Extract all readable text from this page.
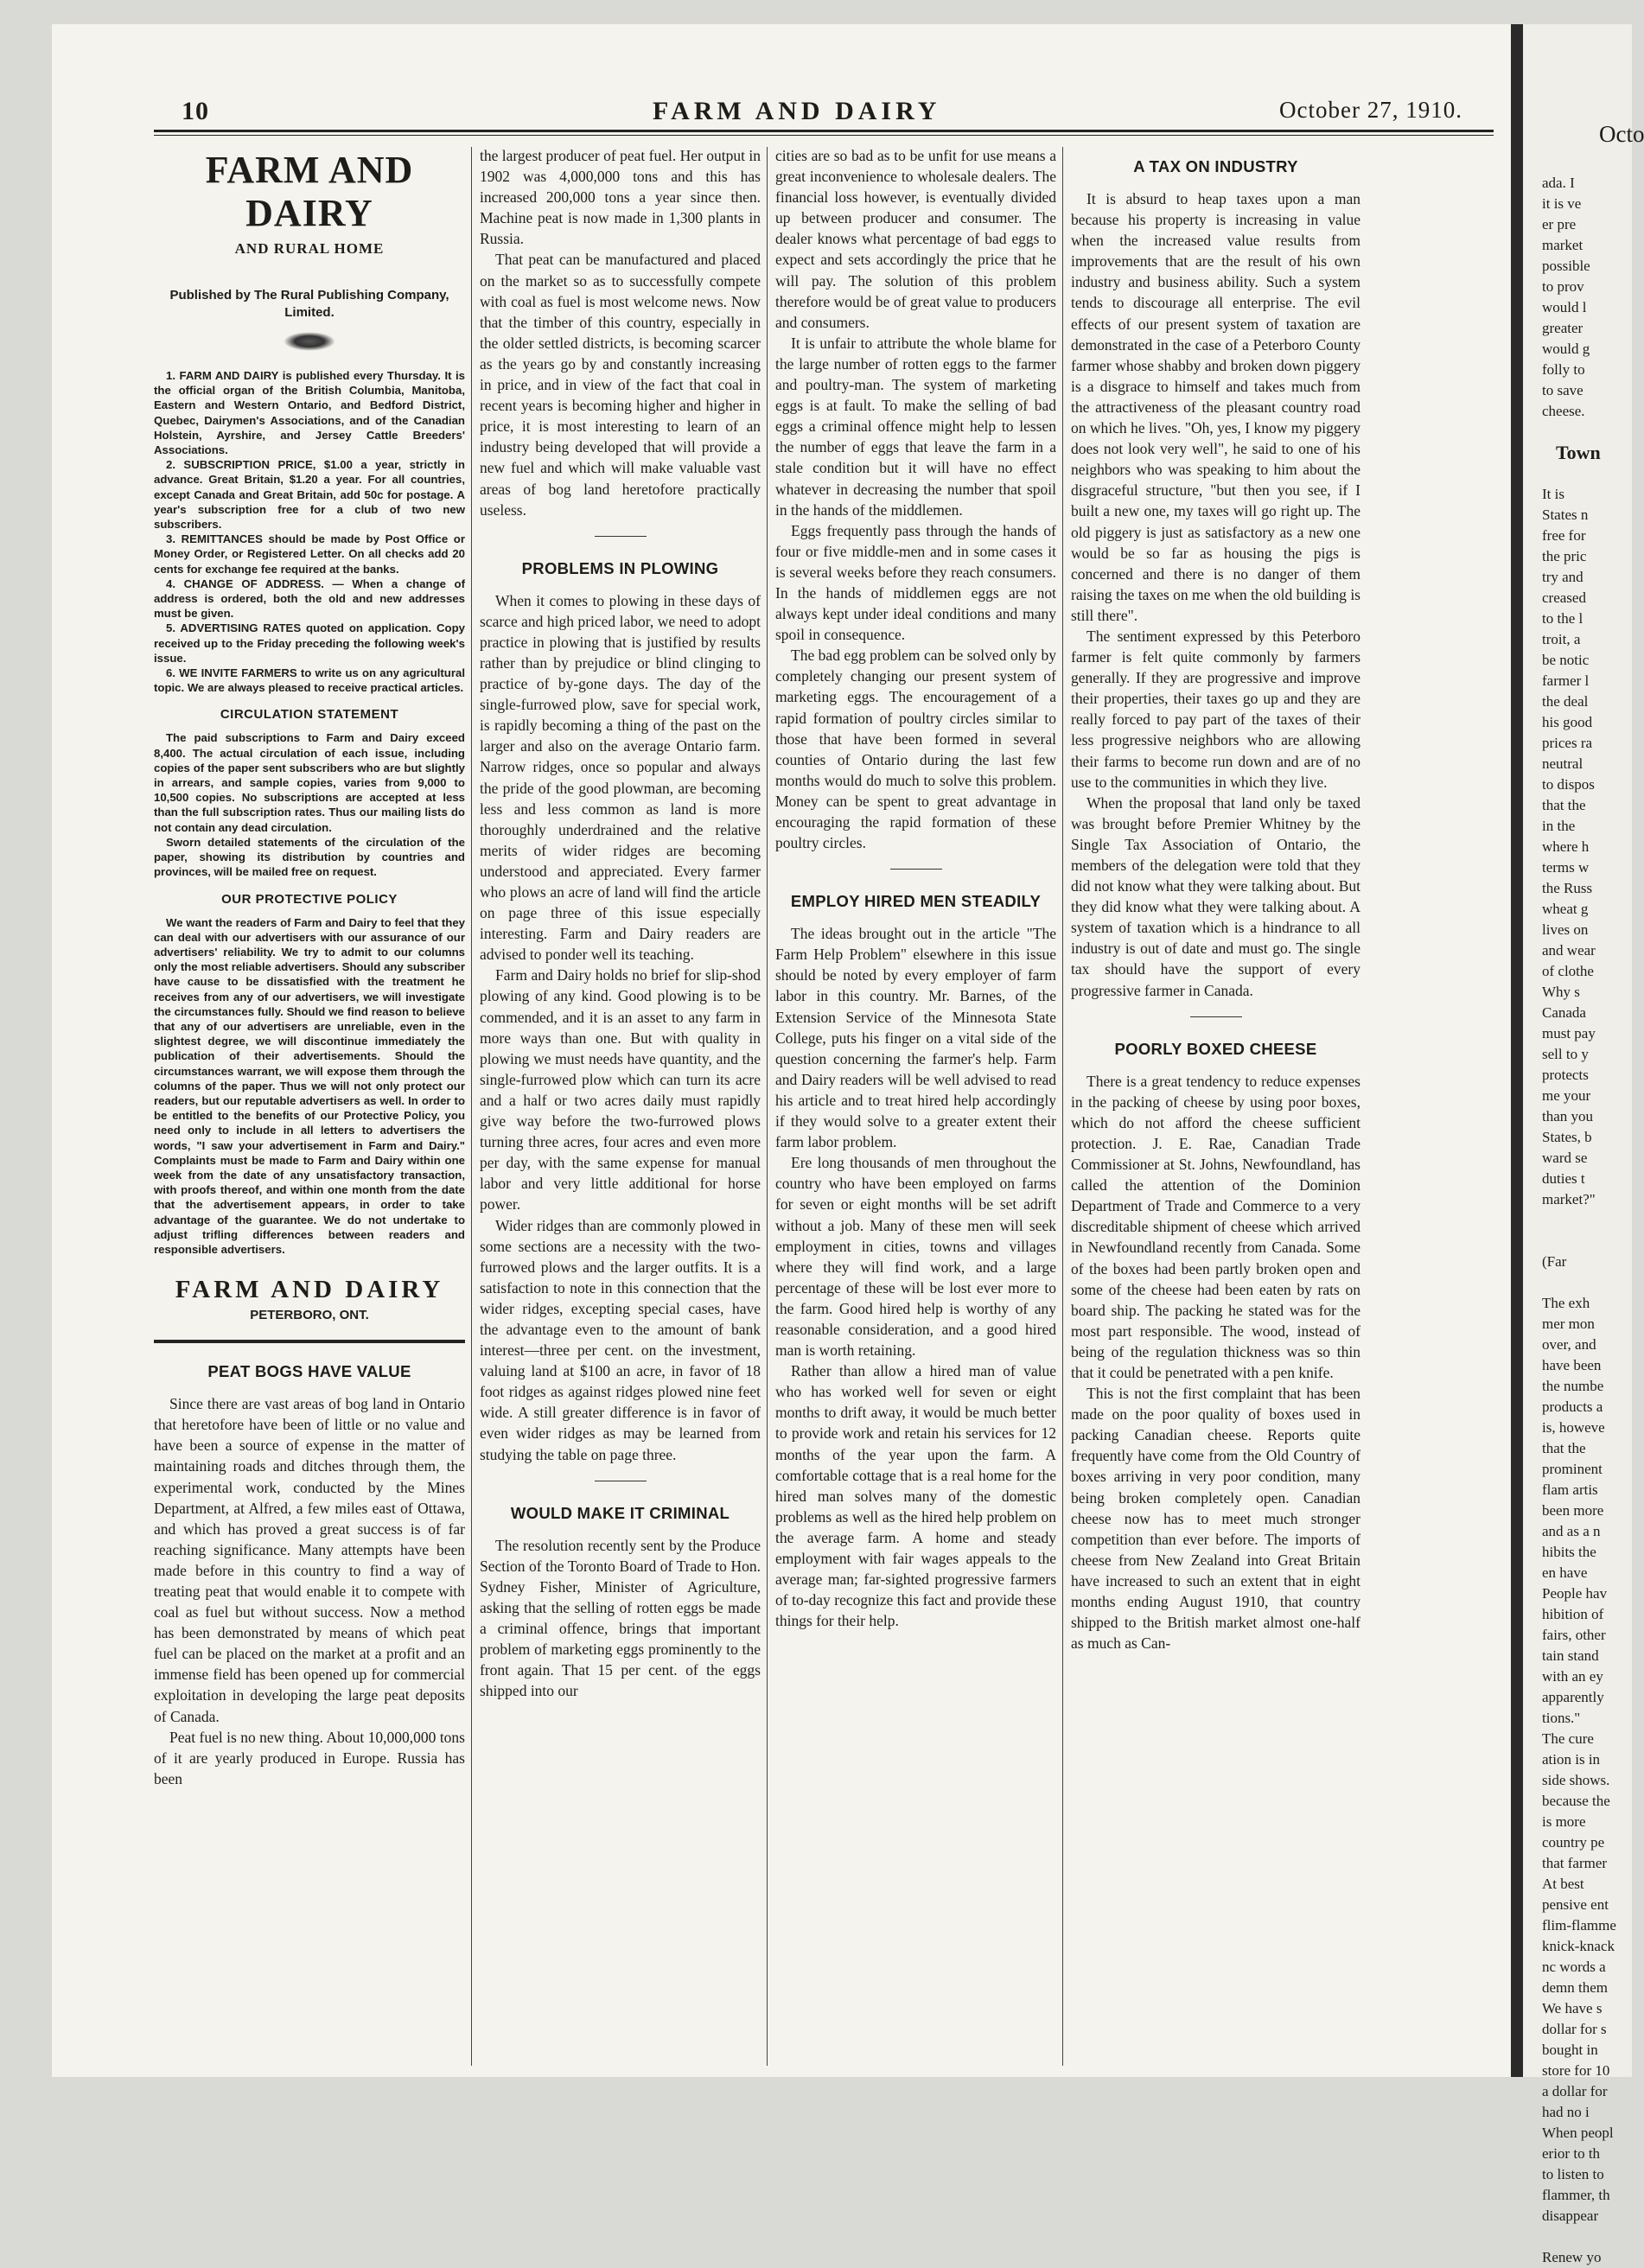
10	FARM AND DAIRY	October 27, 1910.
FARM AND DAIRY
AND RURAL HOME
Published by The Rural Publishing Company, Limited.

1. FARM AND DAIRY is published every Thursday. It is the official organ of the British Columbia, Manitoba, Eastern and Western Ontario, and Bedford District, Quebec, Dairymen's Associations, and of the Canadian Holstein, Ayrshire, and Jersey Cattle Breeders' Associations.

2. SUBSCRIPTION PRICE, $1.00 a year, strictly in advance. Great Britain, $1.20 a year. For all countries, except Canada and Great Britain, add 50c for postage. A year's subscription free for a club of two new subscribers.

3. REMITTANCES should be made by Post Office or Money Order, or Registered Letter. On all checks add 20 cents for exchange fee required at the banks.

4. CHANGE OF ADDRESS. — When a change of address is ordered, both the old and new addresses must be given.

5. ADVERTISING RATES quoted on application. Copy received up to the Friday preceding the following week's issue.

6. WE INVITE FARMERS to write us on any agricultural topic. We are always pleased to receive practical articles.

CIRCULATION STATEMENT

The paid subscriptions to Farm and Dairy exceed 8,400. The actual circulation of each issue, including copies of the paper sent subscribers who are but slightly in arrears, and sample copies, varies from 9,000 to 10,500 copies. No subscriptions are accepted at less than the full subscription rates. Thus our mailing lists do not contain any dead circulation.

Sworn detailed statements of the circulation of the paper, showing its distribution by countries and provinces, will be mailed free on request.

OUR PROTECTIVE POLICY

We want the readers of Farm and Dairy to feel that they can deal with our advertisers with our assurance of our advertisers' reliability. We try to admit to our columns only the most reliable advertisers. Should any subscriber have cause to be dissatisfied with the treatment he receives from any of our advertisers, we will investigate the circumstances fully. Should we find reason to believe that any of our advertisers are unreliable, even in the slightest degree, we will discontinue immediately the publication of their advertisements. Should the circumstances warrant, we will expose them through the columns of the paper. Thus we will not only protect our readers, but our reputable advertisers as well. In order to be entitled to the benefits of our Protective Policy, you need only to include in all letters to advertisers the words, "I saw your advertisement in Farm and Dairy." Complaints must be made to Farm and Dairy within one week from the date of any unsatisfactory transaction, with proofs thereof, and within one month from the date that the advertisement appears, in order to take advantage of the guarantee. We do not undertake to adjust trifling differences between readers and responsible advertisers.

FARM AND DAIRY
PETERBORO, ONT.
PEAT BOGS HAVE VALUE

Since there are vast areas of bog land in Ontario that heretofore have been of little or no value and have been a source of expense in the matter of maintaining roads and ditches through them, the experimental work, conducted by the Mines Department, at Alfred, a few miles east of Ottawa, and which has proved a great success is of far reaching significance. Many attempts have been made before in this country to find a way of treating peat that would enable it to compete with coal as fuel but without success. Now a method has been demonstrated by means of which peat fuel can be placed on the market at a profit and an immense field has been opened up for commercial exploitation in developing the large peat deposits of Canada.

Peat fuel is no new thing. About 10,000,000 tons of it are yearly produced in Europe. Russia has been

the largest producer of peat fuel. Her output in 1902 was 4,000,000 tons and this has increased 200,000 tons a year since then. Machine peat is now made in 1,300 plants in Russia.

That peat can be manufactured and placed on the market so as to successfully compete with coal as fuel is most welcome news. Now that the timber of this country, especially in the older settled districts, is becoming scarcer as the years go by and constantly increasing in price, and in view of the fact that coal in recent years is becoming higher and higher in price, it is most interesting to learn of an industry being developed that will provide a new fuel and which will make valuable vast areas of bog land heretofore practically useless.

PROBLEMS IN PLOWING

When it comes to plowing in these days of scarce and high priced labor, we need to adopt practice in plowing that is justified by results rather than by prejudice or blind clinging to practice of by-gone days. The day of the single-furrowed plow, save for special work, is rapidly becoming a thing of the past on the larger and also on the average Ontario farm. Narrow ridges, once so popular and always the pride of the good plowman, are becoming less and less common as land is more thoroughly underdrained and the relative merits of wider ridges are becoming understood and appreciated. Every farmer who plows an acre of land will find the article on page three of this issue especially interesting. Farm and Dairy readers are advised to ponder well its teaching.

Farm and Dairy holds no brief for slip-shod plowing of any kind. Good plowing is to be commended, and it is an asset to any farm in more ways than one. But with quality in plowing we must needs have quantity, and the single-furrowed plow which can turn its acre and a half or two acres daily must rapidly give way before the two-furrowed plows turning three acres, four acres and even more per day, with the same expense for manual labor and very little additional for horse power.

Wider ridges than are commonly plowed in some sections are a necessity with the two-furrowed plows and the larger outfits. It is a satisfaction to note in this connection that the wider ridges, excepting special cases, have the advantage even to the amount of bank interest—three per cent. on the investment, valuing land at $100 an acre, in favor of 18 foot ridges as against ridges plowed nine feet wide. A still greater difference is in favor of even wider ridges as may be learned from studying the table on page three.

WOULD MAKE IT CRIMINAL

The resolution recently sent by the Produce Section of the Toronto Board of Trade to Hon. Sydney Fisher, Minister of Agriculture, asking that the selling of rotten eggs be made a criminal offence, brings that important problem of marketing eggs prominently to the front again. That 15 per cent. of the eggs shipped into our

cities are so bad as to be unfit for use means a great inconvenience to wholesale dealers. The financial loss however, is eventually divided up between producer and consumer. The dealer knows what percentage of bad eggs to expect and sets accordingly the price that he will pay. The solution of this problem therefore would be of great value to producers and consumers.

It is unfair to attribute the whole blame for the large number of rotten eggs to the farmer and poultry-man. The system of marketing eggs is at fault. To make the selling of bad eggs a criminal offence might help to lessen the number of eggs that leave the farm in a stale condition but it will have no effect whatever in decreasing the number that spoil in the hands of the middlemen.

Eggs frequently pass through the hands of four or five middle-men and in some cases it is several weeks before they reach consumers. In the hands of middlemen eggs are not always kept under ideal conditions and many spoil in consequence.

The bad egg problem can be solved only by completely changing our present system of marketing eggs. The encouragement of a rapid formation of poultry circles similar to those that have been formed in several counties of Ontario during the last few months would do much to solve this problem. Money can be spent to great advantage in encouraging the rapid formation of these poultry circles.

EMPLOY HIRED MEN STEADILY

The ideas brought out in the article "The Farm Help Problem" elsewhere in this issue should be noted by every employer of farm labor in this country. Mr. Barnes, of the Extension Service of the Minnesota State College, puts his finger on a vital side of the question concerning the farmer's help. Farm and Dairy readers will be well advised to read his article and to treat hired help accordingly if they would solve to a greater extent their farm labor problem.

Ere long thousands of men throughout the country who have been employed on farms for seven or eight months will be set adrift without a job. Many of these men will seek employment in cities, towns and villages where they will find work, and a large percentage of these will be lost ever more to the farm. Good hired help is worthy of any reasonable consideration, and a good hired man is worth retaining.

Rather than allow a hired man of value who has worked well for seven or eight months to drift away, it would be much better to provide work and retain his services for 12 months of the year upon the farm. A comfortable cottage that is a real home for the hired man solves many of the domestic problems as well as the hired help problem on the average farm. A home and steady employment with fair wages appeals to the average man; far-sighted progressive farmers of to-day recognize this fact and provide these things for their help.

A TAX ON INDUSTRY

It is absurd to heap taxes upon a man because his property is increasing in value when the increased value results from improvements that are the result of his own industry and business ability. Such a system tends to discourage all enterprise. The evil effects of our present system of taxation are demonstrated in the case of a Peterboro County farmer whose shabby and broken down piggery is a disgrace to himself and takes much from the attractiveness of the pleasant country road on which he lives. "Oh, yes, I know my piggery does not look very well", he said to one of his neighbors who was speaking to him about the disgraceful structure, "but then you see, if I built a new one, my taxes will go right up. The old piggery is just as satisfactory as a new one would be so far as housing the pigs is concerned and there is no danger of them raising the taxes on me when the old building is still there".

The sentiment expressed by this Peterboro farmer is felt quite commonly by farmers generally. If they are progressive and improve their properties, their taxes go up and they are really forced to pay part of the taxes of their less progressive neighbors who are allowing their farms to become run down and are of no use to the communities in which they live.

When the proposal that land only be taxed was brought before Premier Whitney by the Single Tax Association of Ontario, the members of the delegation were told that they did not know what they were talking about. But they did know what they were talking about. A system of taxation which is a hindrance to all industry is out of date and must go. The single tax should have the support of every progressive farmer in Canada.

POORLY BOXED CHEESE

There is a great tendency to reduce expenses in the packing of cheese by using poor boxes, which do not afford the cheese sufficient protection. J. E. Rae, Canadian Trade Commissioner at St. Johns, Newfoundland, has called the attention of the Dominion Department of Trade and Commerce to a very discreditable shipment of cheese which arrived in Newfoundland recently from Canada. Some of the boxes had been partly broken open and some of the cheese had been eaten by rats on board ship. The packing he stated was for the most part responsible. The wood, instead of being of the regulation thickness was so thin that it could be penetrated with a pen knife.

This is not the first complaint that has been made on the poor quality of boxes used in packing Canadian cheese. Reports quite frequently have come from the Old Country of boxes arriving in very poor condition, many being broken completely open. Canadian cheese now has to meet much stronger competition than ever before. The imports of cheese from New Zealand into Great Britain have increased to such an extent that in eight months ending August 1910, that country shipped to the British market almost one-half as much as Can-

Octo
ada. I
it is ve
er pre
market
possible
to prov
would l
greater
would g
folly to
to save
cheese.

Town

It is
States n
free for
the pric
try and
creased
to the l
troit, a
be notic
farmer l
the deal
his good
prices ra
neutral
to dispos
that the
in the
where h
terms w
the Russ
wheat g
lives on
and wear
of clothe
Why s
Canada
must pay
sell to y
protects
me your
than you
States, b
ward se
duties t
market?"

(Far

The exh
mer mon
over, and
have been
the numbe
products a
is, howeve
that the
prominent
flam artis
been more
and as a n
hibits the
en have
People hav
hibition of
fairs, other
tain stand
with an ey
apparently
tions."
The cure
ation is in
side shows.
because the
is more
country pe
that farmer
At best
pensive ent
flim-flamme
knick-knack
nc words a
demn them
We have s
dollar for s
bought in
store for 10
a dollar for
had no i
When peopl
erior to th
to listen to
flammer, th
disappear

Renew yo
